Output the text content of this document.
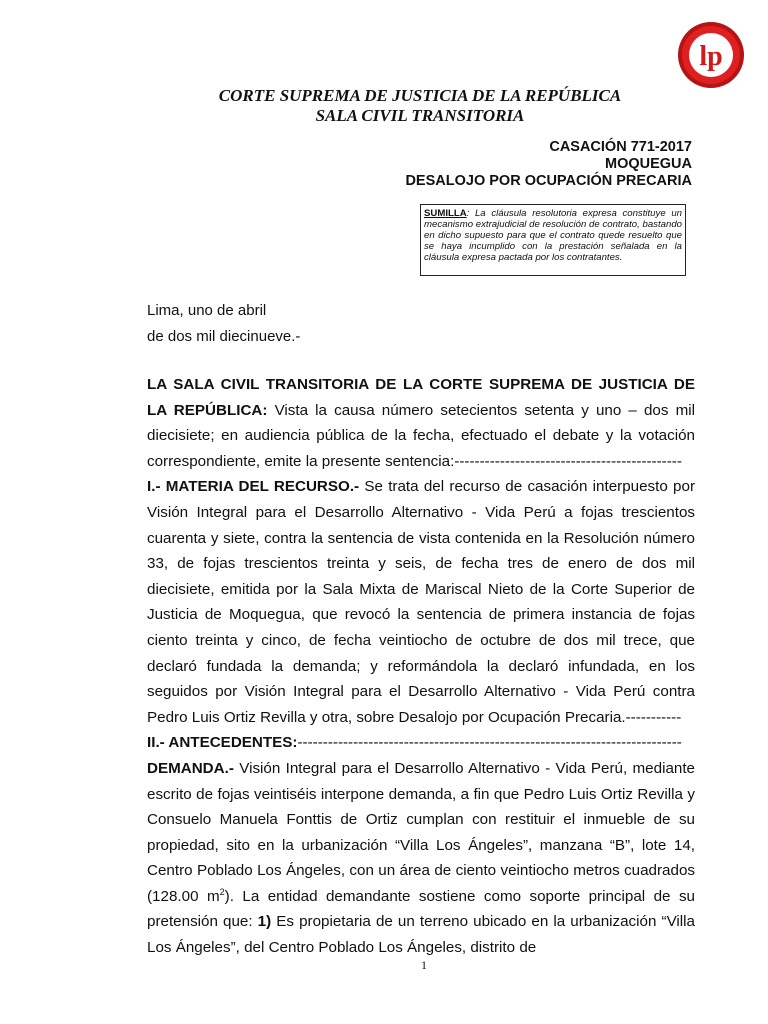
lp
CORTE SUPREMA DE JUSTICIA DE LA REPÚBLICA
SALA CIVIL TRANSITORIA
CASACIÓN 771-2017
MOQUEGUA
DESALOJO POR OCUPACIÓN PRECARIA
SUMILLA: La cláusula resolutoria expresa constituye un mecanismo extrajudicial de resolución de contrato, bastando en dicho supuesto para que el contrato quede resuelto que se haya incumplido con la prestación señalada en la cláusula expresa pactada por los contratantes.
Lima, uno de abril
de dos mil diecinueve.-

LA SALA CIVIL TRANSITORIA DE LA CORTE SUPREMA DE JUSTICIA DE LA REPÚBLICA: Vista la causa número setecientos setenta y uno – dos mil diecisiete; en audiencia pública de la fecha, efectuado el debate y la votación correspondiente, emite la presente sentencia:---------------------------------------------

I.- MATERIA DEL RECURSO.- Se trata del recurso de casación interpuesto por Visión Integral para el Desarrollo Alternativo - Vida Perú a fojas trescientos cuarenta y siete, contra la sentencia de vista contenida en la Resolución número 33, de fojas trescientos treinta y seis, de fecha tres de enero de dos mil diecisiete, emitida por la Sala Mixta de Mariscal Nieto de la Corte Superior de Justicia de Moquegua, que revocó la sentencia de primera instancia de fojas ciento treinta y cinco, de fecha veintiocho de octubre de dos mil trece, que declaró fundada la demanda; y reformándola la declaró infundada, en los seguidos por Visión Integral para el Desarrollo Alternativo - Vida Perú contra Pedro Luis Ortiz Revilla y otra, sobre Desalojo por Ocupación Precaria.-----------

II.- ANTECEDENTES:----------------------------------------------------------------------------

DEMANDA.- Visión Integral para el Desarrollo Alternativo - Vida Perú, mediante escrito de fojas veintiséis interpone demanda, a fin que Pedro Luis Ortiz Revilla y Consuelo Manuela Fonttis de Ortiz cumplan con restituir el inmueble de su propiedad, sito en la urbanización “Villa Los Ángeles”, manzana “B”, lote 14, Centro Poblado Los Ángeles, con un área de ciento veintiocho metros cuadrados (128.00 $m^2$). La entidad demandante sostiene como soporte principal de su pretensión que: 1) Es propietaria de un terreno ubicado en la urbanización “Villa Los Ángeles”, del Centro Poblado Los Ángeles, distrito de

1
